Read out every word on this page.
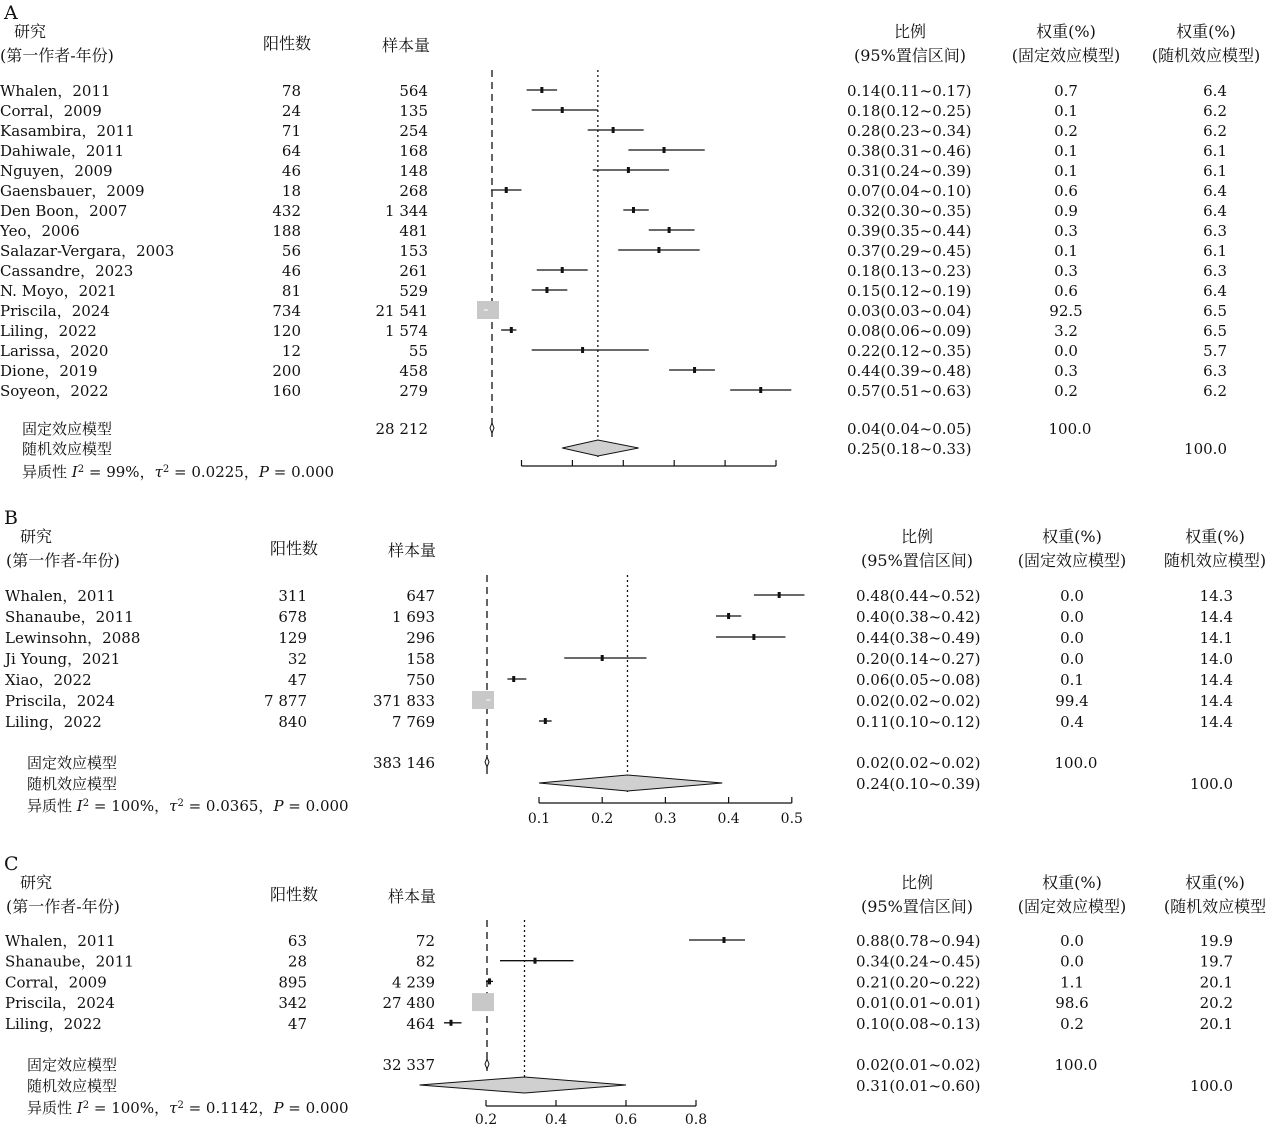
A
研究
(第一作者-年份)
阳性数	样本量
比例
(95%置信区间)
权重(%)
(固定效应模型)
权重(%)
(随机效应模型)
Whalen，2011	78	564	0.14(0.11~0.17)	0.7	6.4
Corral，2009	24	135	0.18(0.12~0.25)	0.1	6.2
Kasambira，2011	71	254	0.28(0.23~0.34)	0.2	6.2
Dahiwale，2011	64	168	0.38(0.31~0.46)	0.1	6.1
Nguyen，2009	46	148	0.31(0.24~0.39)	0.1	6.1
Gaensbauer，2009	18	268	0.07(0.04~0.10)	0.6	6.4
Den Boon，2007	432	1 344	0.32(0.30~0.35)	0.9	6.4
Yeo，2006	188	481	0.39(0.35~0.44)	0.3	6.3
Salazar-Vergara，2003	56	153	0.37(0.29~0.45)	0.1	6.1
Cassandre，2023	46	261	0.18(0.13~0.23)	0.3	6.3
N. Moyo，2021	81	529	0.15(0.12~0.19)	0.6	6.4
Priscila，2024	734	21 541	0.03(0.03~0.04)	92.5	6.5
Liling，2022	120	1 574	0.08(0.06~0.09)	3.2	6.5
Larissa，2020	12	55	0.22(0.12~0.35)	0.0	5.7
Dione，2019	200	458	0.44(0.39~0.48)	0.3	6.3
Soyeon，2022	160	279	0.57(0.51~0.63)	0.2	6.2
固定效应模型	28 212	0.04(0.04~0.05)	100.0
随机效应模型	0.25(0.18~0.33)	100.0
异质性 $I^2 = 99\%$，$\tau^2 = 0.0225$，P = 0.000
B
研究
(第一作者-年份)
阳性数	样本量
比例
(95%置信区间)
权重(%)
(固定效应模型)
权重(%)
随机效应模型)
Whalen，2011	311	647	0.48(0.44~0.52)	0.0	14.3
Shanaube，2011	678	1 693	0.40(0.38~0.42)	0.0	14.4
Lewinsohn，2088	129	296	0.44(0.38~0.49)	0.0	14.1
Ji Young，2021	32	158	0.20(0.14~0.27)	0.0	14.0
Xiao，2022	47	750	0.06(0.05~0.08)	0.1	14.4
Priscila，2024	7 877	371 833	0.02(0.02~0.02)	99.4	14.4
Liling，2022	840	7 769	0.11(0.10~0.12)	0.4	14.4
固定效应模型	383 146	0.02(0.02~0.02)	100.0
随机效应模型	0.24(0.10~0.39)	100.0
异质性 $I^2 = 100\%$，$\tau^2 = 0.0365$，P = 0.000
0.1	0.2	0.3	0.4	0.5
C
研究
(第一作者-年份)
阳性数	样本量
比例
(95%置信区间)
权重(%)
(固定效应模型)
权重(%)
(随机效应模型
Whalen，2011	63	72	0.88(0.78~0.94)	0.0	19.9
Shanaube，2011	28	82	0.34(0.24~0.45)	0.0	19.7
Corral，2009	895	4 239	0.21(0.20~0.22)	1.1	20.1
Priscila，2024	342	27 480	0.01(0.01~0.01)	98.6	20.2
Liling，2022	47	464	0.10(0.08~0.13)	0.2	20.1
固定效应模型	32 337	0.02(0.01~0.02)	100.0
随机效应模型	0.31(0.01~0.60)	100.0
异质性 $I^2 = 100\%$，$\tau^2 = 0.1142$，P = 0.000
0.2	0.4	0.6	0.8
